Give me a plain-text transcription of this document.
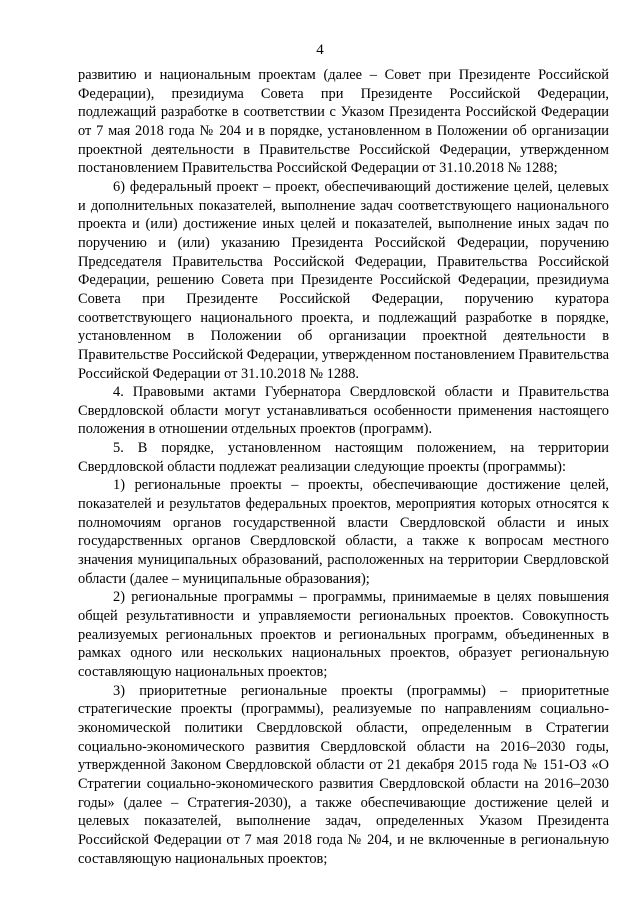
4

развитию и национальным проектам (далее – Совет при Президенте Российской Федерации), президиума Совета при Президенте Российской Федерации, подлежащий разработке в соответствии с Указом Президента Российской Федерации от 7 мая 2018 года № 204 и в порядке, установленном в Положении об организации проектной деятельности в Правительстве Российской Федерации, утвержденном постановлением Правительства Российской Федерации от 31.10.2018 № 1288;

6) федеральный проект – проект, обеспечивающий достижение целей, целевых и дополнительных показателей, выполнение задач соответствующего национального проекта и (или) достижение иных целей и показателей, выполнение иных задач по поручению и (или) указанию Президента Российской Федерации, поручению Председателя Правительства Российской Федерации, Правительства Российской Федерации, решению Совета при Президенте Российской Федерации, президиума Совета при Президенте Российской Федерации, поручению куратора соответствующего национального проекта, и подлежащий разработке в порядке, установленном в Положении об организации проектной деятельности в Правительстве Российской Федерации, утвержденном постановлением Правительства Российской Федерации от 31.10.2018 № 1288.

4. Правовыми актами Губернатора Свердловской области и Правительства Свердловской области могут устанавливаться особенности применения настоящего положения в отношении отдельных проектов (программ).

5. В порядке, установленном настоящим положением, на территории Свердловской области подлежат реализации следующие проекты (программы):

1) региональные проекты – проекты, обеспечивающие достижение целей, показателей и результатов федеральных проектов, мероприятия которых относятся к полномочиям органов государственной власти Свердловской области и иных государственных органов Свердловской области, а также к вопросам местного значения муниципальных образований, расположенных на территории Свердловской области (далее – муниципальные образования);

2) региональные программы – программы, принимаемые в целях повышения общей результативности и управляемости региональных проектов. Совокупность реализуемых региональных проектов и региональных программ, объединенных в рамках одного или нескольких национальных проектов, образует региональную составляющую национальных проектов;

3) приоритетные региональные проекты (программы) – приоритетные стратегические проекты (программы), реализуемые по направлениям социально-экономической политики Свердловской области, определенным в Стратегии социально-экономического развития Свердловской области на 2016–2030 годы, утвержденной Законом Свердловской области от 21 декабря 2015 года № 151-ОЗ «О Стратегии социально-экономического развития Свердловской области на 2016–2030 годы» (далее – Стратегия-2030), а также обеспечивающие достижение целей и целевых показателей, выполнение задач, определенных Указом Президента Российской Федерации от 7 мая 2018 года № 204, и не включенные в региональную составляющую национальных проектов;
